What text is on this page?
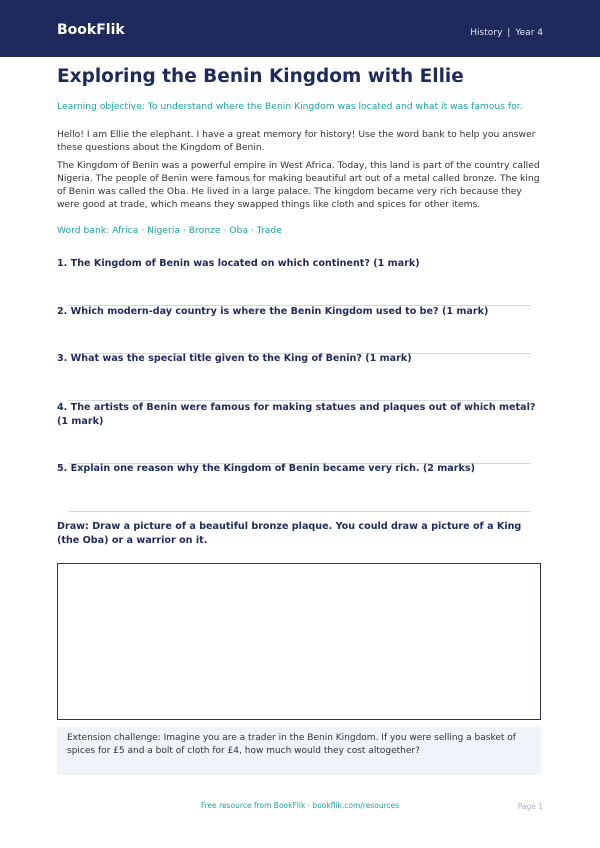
BookFlik	History | Year 4
Exploring the Benin Kingdom with Ellie
Learning objective: To understand where the Benin Kingdom was located and what it was famous for.

Hello! I am Ellie the elephant. I have a great memory for history! Use the word bank to help you answer these questions about the Kingdom of Benin.

The Kingdom of Benin was a powerful empire in West Africa. Today, this land is part of the country called Nigeria. The people of Benin were famous for making beautiful art out of a metal called bronze. The king of Benin was called the Oba. He lived in a large palace. The kingdom became very rich because they were good at trade, which means they swapped things like cloth and spices for other items.

Word bank: Africa · Nigeria · Bronze · Oba · Trade
1. The Kingdom of Benin was located on which continent? (1 mark)
2. Which modern-day country is where the Benin Kingdom used to be? (1 mark)
3. What was the special title given to the King of Benin? (1 mark)
4. The artists of Benin were famous for making statues and plaques out of which metal? (1 mark)
5. Explain one reason why the Kingdom of Benin became very rich. (2 marks)
Draw: Draw a picture of a beautiful bronze plaque. You could draw a picture of a King (the Oba) or a warrior on it.
Extension challenge: Imagine you are a trader in the Benin Kingdom. If you were selling a basket of spices for £5 and a bolt of cloth for £4, how much would they cost altogether?
Free resource from BookFlik · bookflik.com/resources	Page 1
